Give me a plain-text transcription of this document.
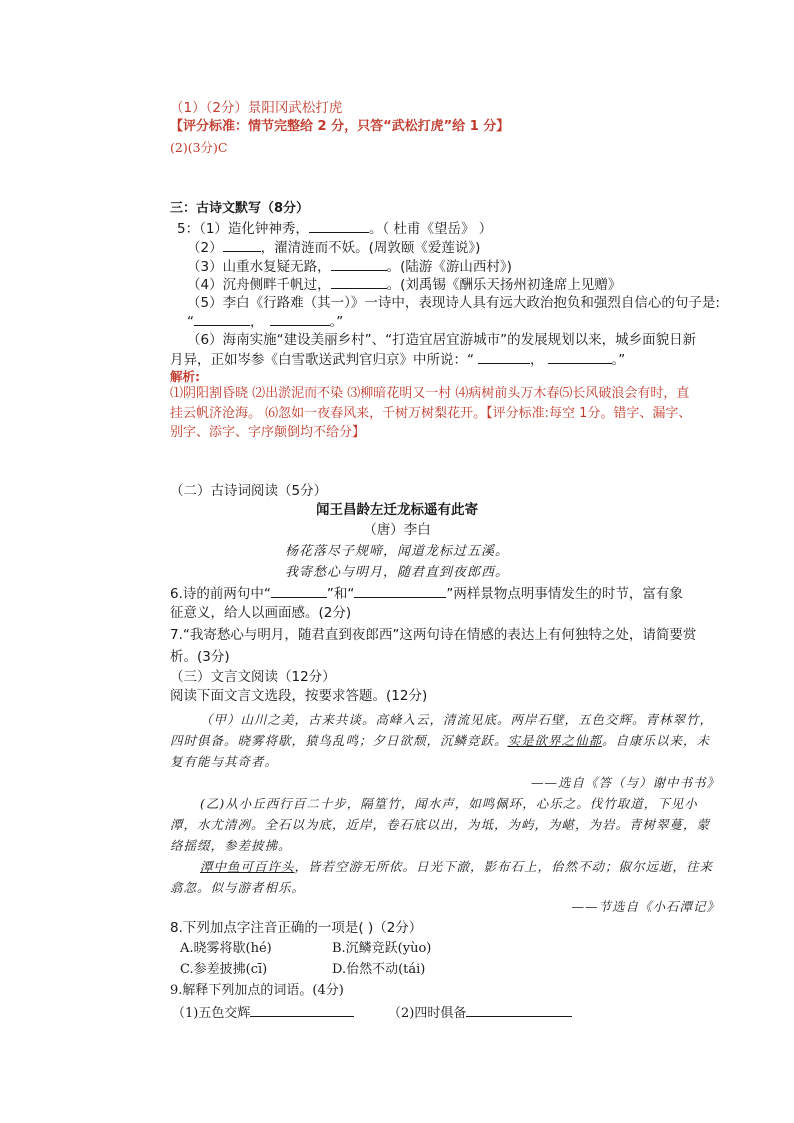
（1）（2分）景阳冈武松打虎
【评分标准：情节完整给 2 分，只答“武松打虎”给 1 分】
(2)(3分)C
三：古诗文默写（8分）
5：（1）造化钟神秀，	。（ 杜甫《望岳》 ）
（2）	，濯清涟而不妖。(周敦颐《爱莲说》)
（3）山重水复疑无路，	。(陆游《游山西村》)
（4）沉舟侧畔千帆过，	。(刘禹锡《酬乐天扬州初逢席上见赠》
（5）李白《行路难（其一）》一诗中，表现诗人具有远大政治抱负和强烈自信心的句子是:
“	，	。”
（6）海南实施“建设美丽乡村”、“打造宜居宜游城市”的发展规划以来，城乡面貌日新
月异，正如岑参《白雪歌送武判官归京》中所说：“	，	。”
解析:
⑴阴阳割昏晓 ⑵出淤泥而不染 ⑶柳暗花明又一村 ⑷病树前头万木春⑸长风破浪会有时，直
挂云帆济沧海。 ⑹忽如一夜春风来，千树万树梨花开。【评分标准:每空 1分。错字、漏字、
别字、添字、字序颠倒均不给分】
（二）古诗词阅读（5分）
闻王昌龄左迁龙标遥有此寄
（唐）李白
杨花落尽子规啼，闻道龙标过五溪。
我寄愁心与明月，随君直到夜郎西。
6.诗的前两句中“	”和“	”两样景物点明事情发生的时节，富有象
征意义，给人以画面感。(2分)
7.“我寄愁心与明月，随君直到夜郎西”这两句诗在情感的表达上有何独特之处，请简要赏
析。(3分)
（三）文言文阅读（12分）
阅读下面文言文选段，按要求答题。(12分)
（甲）山川之美，古来共谈。高峰入云，清流见底。两岸石壁，五色交辉。青林翠竹，
四时俱备。晓雾将歇，猿鸟乱鸣；夕日欲颓，沉鳞竞跃。实是欲界之仙都。自康乐以来，未
复有能与其奇者。
——选自《答（与）谢中书书》
(乙)从小丘西行百二十步，隔篁竹，闻水声，如鸣佩环，心乐之。伐竹取道，下见小
潭，水尤清冽。全石以为底，近岸，卷石底以出，为坻，为屿，为嵁，为岩。青树翠蔓，蒙
络摇缀，参差披拂。
潭中鱼可百许头，皆若空游无所依。日光下澈，影布石上，佁然不动；俶尔远逝，往来
翕忽。似与游者相乐。
——节选自《小石潭记》
8.下列加点字注音正确的一项是( )（2分）
A.晓雾将歇(hé)	B.沉鳞竞跃(yùo)
C.参差披拂(cī)	D.佁然不动(tái)
9.解释下列加点的词语。(4分)
（1)五色交辉	（2)四时俱备
